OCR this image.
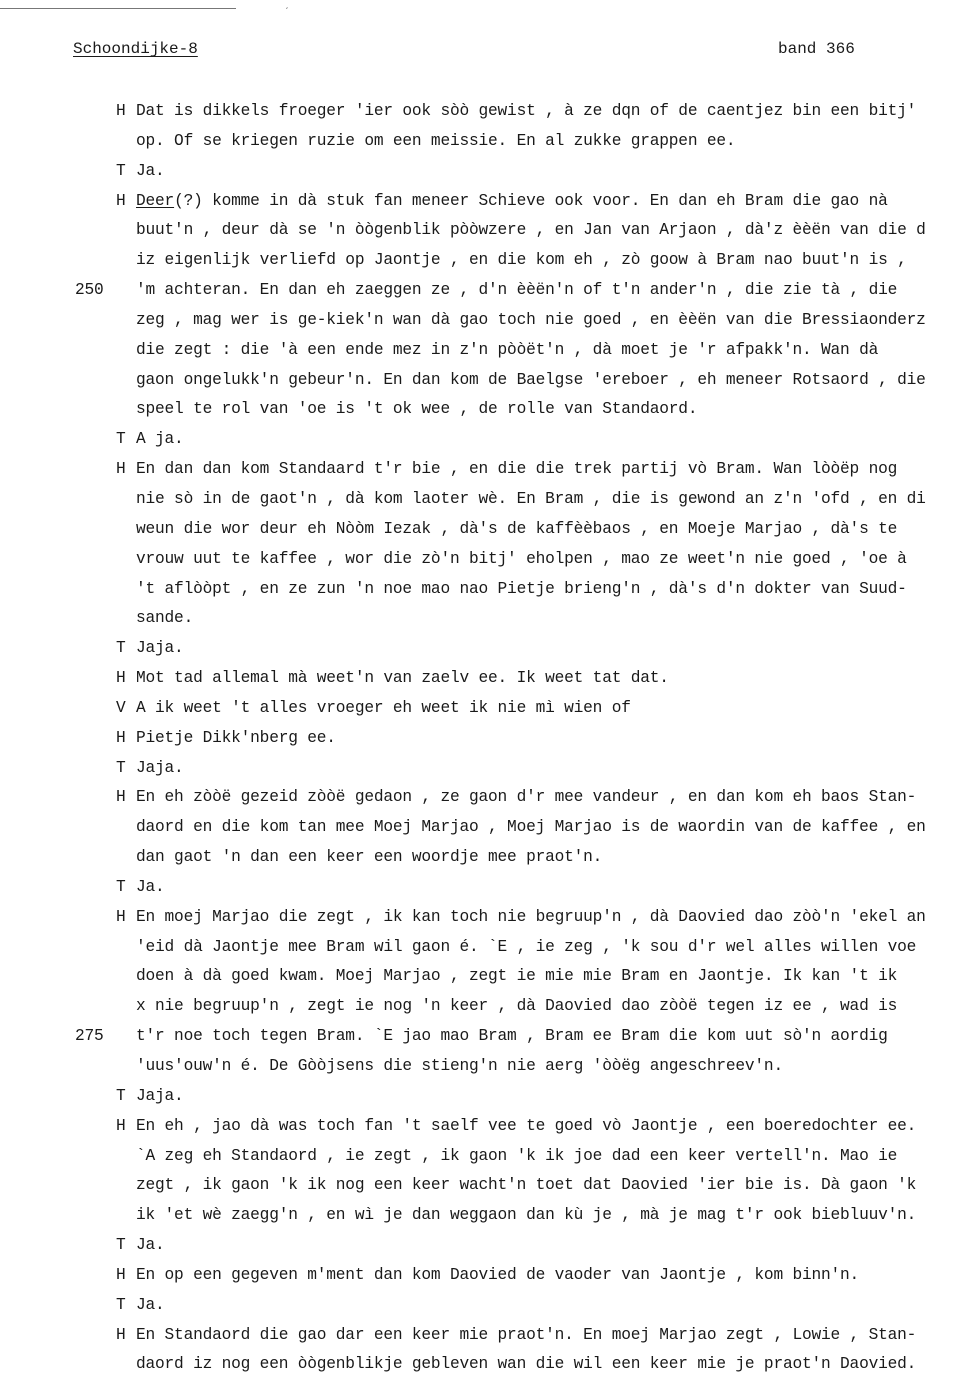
ˏ
Schoondijke-8	band 366
H Dat is dikkels froeger 'ier ook sòò gewist , à ze dqn of de caentjez bin een bitj'
op. Of se kriegen ruzie om een meissie. En al zukke grappen ee.
T Ja.
H Deer(?) komme in dà stuk fan meneer Schieve ook voor. En dan eh Bram die gao nà
buut'n , deur dà se 'n òògenblik pòòwzere , en Jan van Arjaon , dà'z èèën van die d
iz eigenlijk verliefd op Jaontje , en die kom eh , zò goow à Bram nao buut'n is ,
250 'm achteran. En dan eh zaeggen ze , d'n èèën'n of t'n ander'n , die zie tà , die
zeg , mag wer is ge-kiek'n wan dà gao toch nie goed , en èèën van die Bressiaonderz
die zegt : die 'à een ende mez in z'n pòòët'n , dà moet je 'r afpakk'n. Wan dà
gaon ongelukk'n gebeur'n. En dan kom de Baelgse 'ereboer , eh meneer Rotsaord , die
speel te rol van 'oe is 't ok wee , de rolle van Standaord.
T A ja.
H En dan dan kom Standaard t'r bie , en die die trek partij vò Bram. Wan lòòëp nog
nie sò in de gaot'n , dà kom laoter wè. En Bram , die is gewond an z'n 'ofd , en di
weun die wor deur eh Nòòm Iezak , dà's de kaffèèbaos , en Moeje Marjao , dà's te
vrouw uut te kaffee , wor die zò'n bitj' eholpen , mao ze weet'n nie goed , 'oe à
't aflòòpt , en ze zun 'n noe mao nao Pietje brieng'n , dà's d'n dokter van Suud-
sande.
T Jaja.
H Mot tad allemal mà weet'n van zaelv ee. Ik weet tat dat.
V A ik weet 't alles vroeger eh weet ik nie mì wien of
H Pietje Dikk'nberg ee.
T Jaja.
H En eh zòòë gezeid zòòë gedaon , ze gaon d'r mee vandeur , en dan kom eh baos Stan-
daord en die kom tan mee Moej Marjao , Moej Marjao is de waordin van de kaffee , en
dan gaot 'n dan een keer een woordje mee praot'n.
T Ja.
H En moej Marjao die zegt , ik kan toch nie begruup'n , dà Daovied dao zòò'n 'ekel an
'eid dà Jaontje mee Bram wil gaon é. `E , ie zeg , 'k sou d'r wel alles willen voe
doen à dà goed kwam. Moej Marjao , zegt ie mie mie Bram en Jaontje. Ik kan 't ik
x nie begruup'n , zegt ie nog 'n keer , dà Daovied dao zòòë tegen iz ee , wad is
275 t'r noe toch tegen Bram. `E jao mao Bram , Bram ee Bram die kom uut sò'n aordig
'uus'ouw'n é. De Gòòjsens die stieng'n nie aerg 'òòëg angeschreev'n.
T Jaja.
H En eh , jao dà was toch fan 't saelf vee te goed vò Jaontje , een boeredochter ee.
`A zeg eh Standaord , ie zegt , ik gaon 'k ik joe dad een keer vertell'n. Mao ie
zegt , ik gaon 'k ik nog een keer wacht'n toet dat Daovied 'ier bie is. Dà gaon 'k
ik 'et wè zaegg'n , en wì je dan weggaon dan kù je , mà je mag t'r ook biebluuv'n.
T Ja.
H En op een gegeven m'ment dan kom Daovied de vaoder van Jaontje , kom binn'n.
T Ja.
H En Standaord die gao dar een keer mie praot'n. En moej Marjao zegt , Lowie , Stan-
daord iz nog een òògenblikje gebleven wan die wil een keer mie je praot'n Daovied.
